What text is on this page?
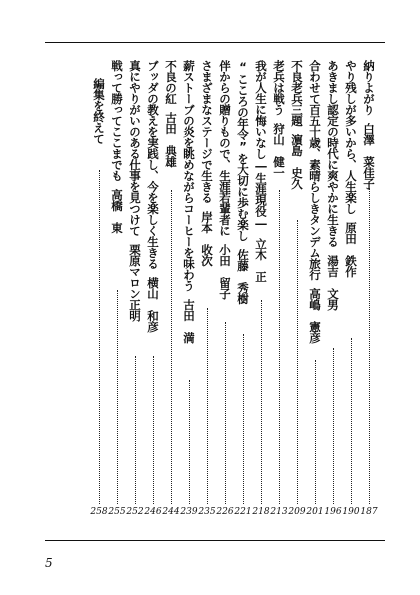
納りよがり白澤　菜佳子
187
やり残しが多いから、人生楽し原田　鉄作
190
あきまし認定の時代に爽やかに生きる湯吉　文男
196
合わせて百五十歳、素晴らしきタンデム旅行高嶋　憲彦
201
不良老兵三題濵島　史久
209
老兵は戦う狩山　健一
213
我が人生に悔いなし―生涯現役―立木　正
218
“こころの年令”を大切に歩む楽し佐藤　秀樹
221
伴からの贈りもので、生涯若輩者に小田　留子
226
さまざまなステージで生きる岸本　收次
235
薪ストーブの炎を眺めながらコーヒーを味わう古田　満
239
不良の紅古田　典雄
244
ブッダの教えを実践し、今を楽しく生きる横山　和彦
246
真にやりがいのある仕事を見つけて栗原マロン正明
252
戦って勝ってここまでも高橋　東
255
編集を終えて
258
5
